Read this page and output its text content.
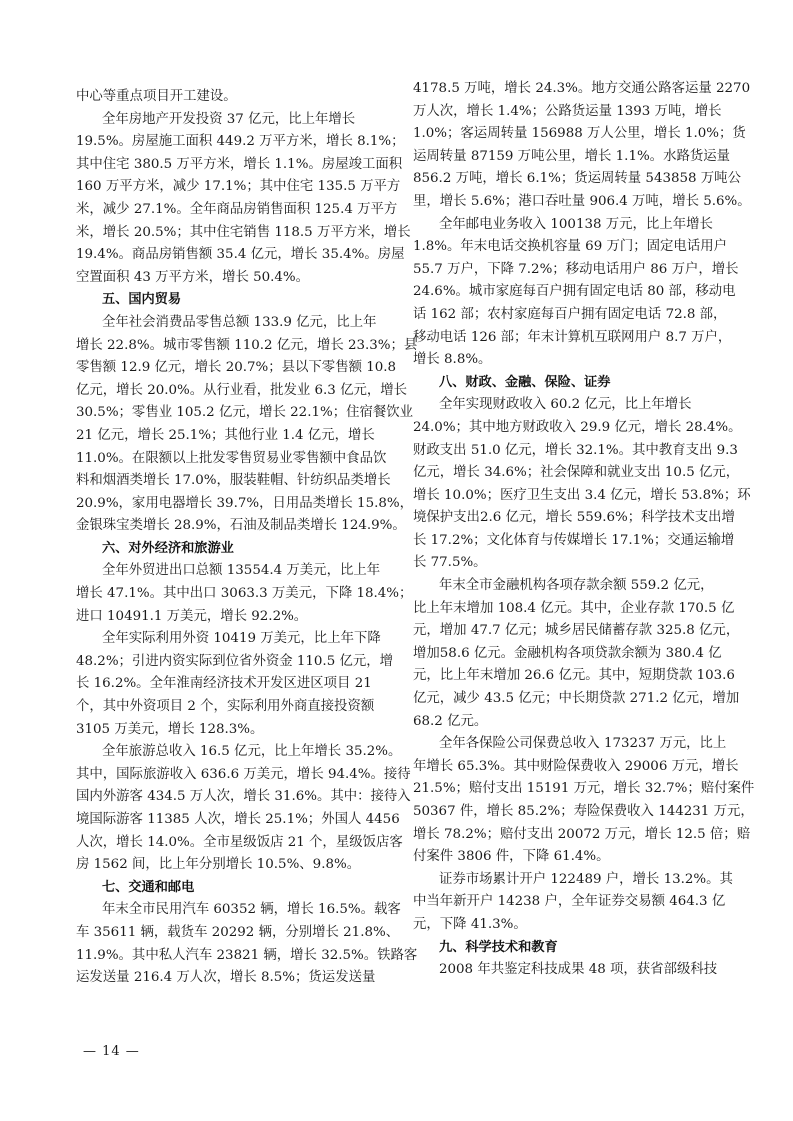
中心等重点项目开工建设。
全年房地产开发投资 37 亿元，比上年增长
19.5%。房屋施工面积 449.2 万平方米，增长 8.1%；
其中住宅 380.5 万平方米，增长 1.1%。房屋竣工面积
160 万平方米，减少 17.1%；其中住宅 135.5 万平方
米，减少 27.1%。全年商品房销售面积 125.4 万平方
米，增长 20.5%；其中住宅销售 118.5 万平方米，增长
19.4%。商品房销售额 35.4 亿元，增长 35.4%。房屋
空置面积 43 万平方米，增长 50.4%。
五、国内贸易
全年社会消费品零售总额 133.9 亿元，比上年
增长 22.8%。城市零售额 110.2 亿元，增长 23.3%；县
零售额 12.9 亿元，增长 20.7%；县以下零售额 10.8
亿元，增长 20.0%。从行业看，批发业 6.3 亿元，增长
30.5%；零售业 105.2 亿元，增长 22.1%；住宿餐饮业
21 亿元，增长 25.1%；其他行业 1.4 亿元，增长
11.0%。在限额以上批发零售贸易业零售额中食品饮
料和烟酒类增长 17.0%，服装鞋帽、针纺织品类增长
20.9%，家用电器增长 39.7%，日用品类增长 15.8%，
金银珠宝类增长 28.9%，石油及制品类增长 124.9%。
六、对外经济和旅游业
全年外贸进出口总额 13554.4 万美元，比上年
增长 47.1%。其中出口 3063.3 万美元，下降 18.4%；
进口 10491.1 万美元，增长 92.2%。
全年实际利用外资 10419 万美元，比上年下降
48.2%；引进内资实际到位省外资金 110.5 亿元，增
长 16.2%。全年淮南经济技术开发区进区项目 21
个，其中外资项目 2 个，实际利用外商直接投资额
3105 万美元，增长 128.3%。
全年旅游总收入 16.5 亿元，比上年增长 35.2%。
其中，国际旅游收入 636.6 万美元，增长 94.4%。接待
国内外游客 434.5 万人次，增长 31.6%。其中：接待入
境国际游客 11385 人次，增长 25.1%；外国人 4456
人次，增长 14.0%。全市星级饭店 21 个，星级饭店客
房 1562 间，比上年分别增长 10.5%、9.8%。
七、交通和邮电
年末全市民用汽车 60352 辆，增长 16.5%。载客
车 35611 辆，载货车 20292 辆，分别增长 21.8%、
11.9%。其中私人汽车 23821 辆，增长 32.5%。铁路客
运发送量 216.4 万人次，增长 8.5%；货运发送量
4178.5 万吨，增长 24.3%。地方交通公路客运量 2270
万人次，增长 1.4%；公路货运量 1393 万吨，增长
1.0%；客运周转量 156988 万人公里，增长 1.0%；货
运周转量 87159 万吨公里，增长 1.1%。水路货运量
856.2 万吨，增长 6.1%；货运周转量 543858 万吨公
里，增长 5.6%；港口吞吐量 906.4 万吨，增长 5.6%。
全年邮电业务收入 100138 万元，比上年增长
1.8%。年末电话交换机容量 69 万门；固定电话用户
55.7 万户，下降 7.2%；移动电话用户 86 万户，增长
24.6%。城市家庭每百户拥有固定电话 80 部，移动电
话 162 部；农村家庭每百户拥有固定电话 72.8 部，
移动电话 126 部；年末计算机互联网用户 8.7 万户，
增长 8.8%。
八、财政、金融、保险、证券
全年实现财政收入 60.2 亿元，比上年增长
24.0%；其中地方财政收入 29.9 亿元，增长 28.4%。
财政支出 51.0 亿元，增长 32.1%。其中教育支出 9.3
亿元，增长 34.6%；社会保障和就业支出 10.5 亿元，
增长 10.0%；医疗卫生支出 3.4 亿元，增长 53.8%；环
境保护支出2.6 亿元，增长 559.6%；科学技术支出增
长 17.2%；文化体育与传媒增长 17.1%；交通运输增
长 77.5%。
年末全市金融机构各项存款余额 559.2 亿元，
比上年末增加 108.4 亿元。其中，企业存款 170.5 亿
元，增加 47.7 亿元；城乡居民储蓄存款 325.8 亿元，
增加58.6 亿元。金融机构各项贷款余额为 380.4 亿
元，比上年末增加 26.6 亿元。其中，短期贷款 103.6
亿元，减少 43.5 亿元；中长期贷款 271.2 亿元，增加
68.2 亿元。
全年各保险公司保费总收入 173237 万元，比上
年增长 65.3%。其中财险保费收入 29006 万元，增长
21.5%；赔付支出 15191 万元，增长 32.7%；赔付案件
50367 件，增长 85.2%；寿险保费收入 144231 万元，
增长 78.2%；赔付支出 20072 万元，增长 12.5 倍；赔
付案件 3806 件，下降 61.4%。
证券市场累计开户 122489 户，增长 13.2%。其
中当年新开户 14238 户，全年证券交易额 464.3 亿
元，下降 41.3%。
九、科学技术和教育
2008 年共鉴定科技成果 48 项，获省部级科技
— 14 —
